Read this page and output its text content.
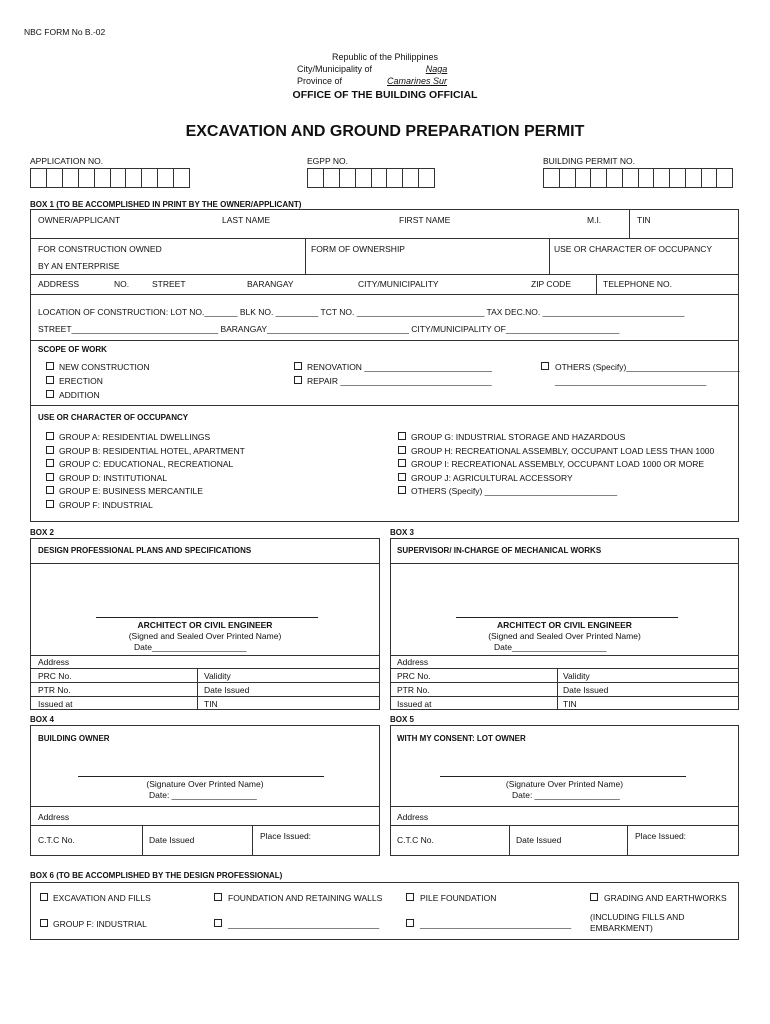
NBC FORM No B.-02
Republic of the Philippines
City/Municipality of	Naga
Province of	Camarines Sur
OFFICE OF THE BUILDING OFFICIAL
EXCAVATION AND GROUND PREPARATION PERMIT
APPLICATION NO.	EGPP NO.	BUILDING PERMIT NO.
BOX 1 (TO BE ACCOMPLISHED IN PRINT BY THE OWNER/APPLICANT)
OWNER/APPLICANT	LAST NAME	FIRST NAME	M.I.	TIN
FOR CONSTRUCTION OWNED
BY AN ENTERPRISE
FORM OF OWNERSHIP	USE OR CHARACTER OF OCCUPANCY
ADDRESS	NO.	STREET	BARANGAY	CITY/MUNICIPALITY	ZIP CODE	TELEPHONE NO.
LOCATION OF CONSTRUCTION: LOT NO._______ BLK NO. _________ TCT NO. ___________________________ TAX DEC.NO. ______________________________
STREET_______________________________ BARANGAY______________________________ CITY/MUNICIPALITY OF________________________
SCOPE OF WORK
NEW CONSTRUCTION
ERECTION
ADDITION
RENOVATION ___________________________
REPAIR ________________________________
OTHERS (Specify)________________________
________________________________
USE OR CHARACTER OF OCCUPANCY
GROUP A: RESIDENTIAL DWELLINGS
GROUP B: RESIDENTIAL HOTEL, APARTMENT
GROUP C: EDUCATIONAL, RECREATIONAL
GROUP D: INSTITUTIONAL
GROUP E: BUSINESS MERCANTILE
GROUP F: INDUSTRIAL
GROUP G: INDUSTRIAL STORAGE AND HAZARDOUS
GROUP H: RECREATIONAL ASSEMBLY, OCCUPANT LOAD LESS THAN 1000
GROUP I: RECREATIONAL ASSEMBLY, OCCUPANT LOAD 1000 OR MORE
GROUP J: AGRICULTURAL ACCESSORY
OTHERS (Specify) ____________________________
BOX 2
DESIGN PROFESSIONAL PLANS AND SPECIFICATIONS
ARCHITECT OR CIVIL ENGINEER
(Signed and Sealed Over Printed Name)
Date____________________
Address
PRC No.	Validity
PTR No.	Date Issued
Issued at	TIN
BOX 3
SUPERVISOR/ IN-CHARGE OF MECHANICAL WORKS
ARCHITECT OR CIVIL ENGINEER
(Signed and Sealed Over Printed Name)
Date____________________
Address
PRC No.	Validity
PTR No.	Date Issued
Issued at	TIN
BOX 4
BUILDING OWNER
(Signature Over Printed Name)
Date: __________________
Address
C.T.C No.	Date Issued	Place Issued:
BOX 5
WITH MY CONSENT: LOT OWNER
(Signature Over Printed Name)
Date: __________________
Address
C.T.C No.	Date Issued	Place Issued:
BOX 6 (TO BE ACCOMPLISHED BY THE DESIGN PROFESSIONAL)
EXCAVATION AND FILLS	FOUNDATION AND RETAINING WALLS	PILE FOUNDATION	GRADING AND EARTHWORKS
GROUP F: INDUSTRIAL	________________________________	________________________________
(INCLUDING FILLS AND
EMBARKMENT)
